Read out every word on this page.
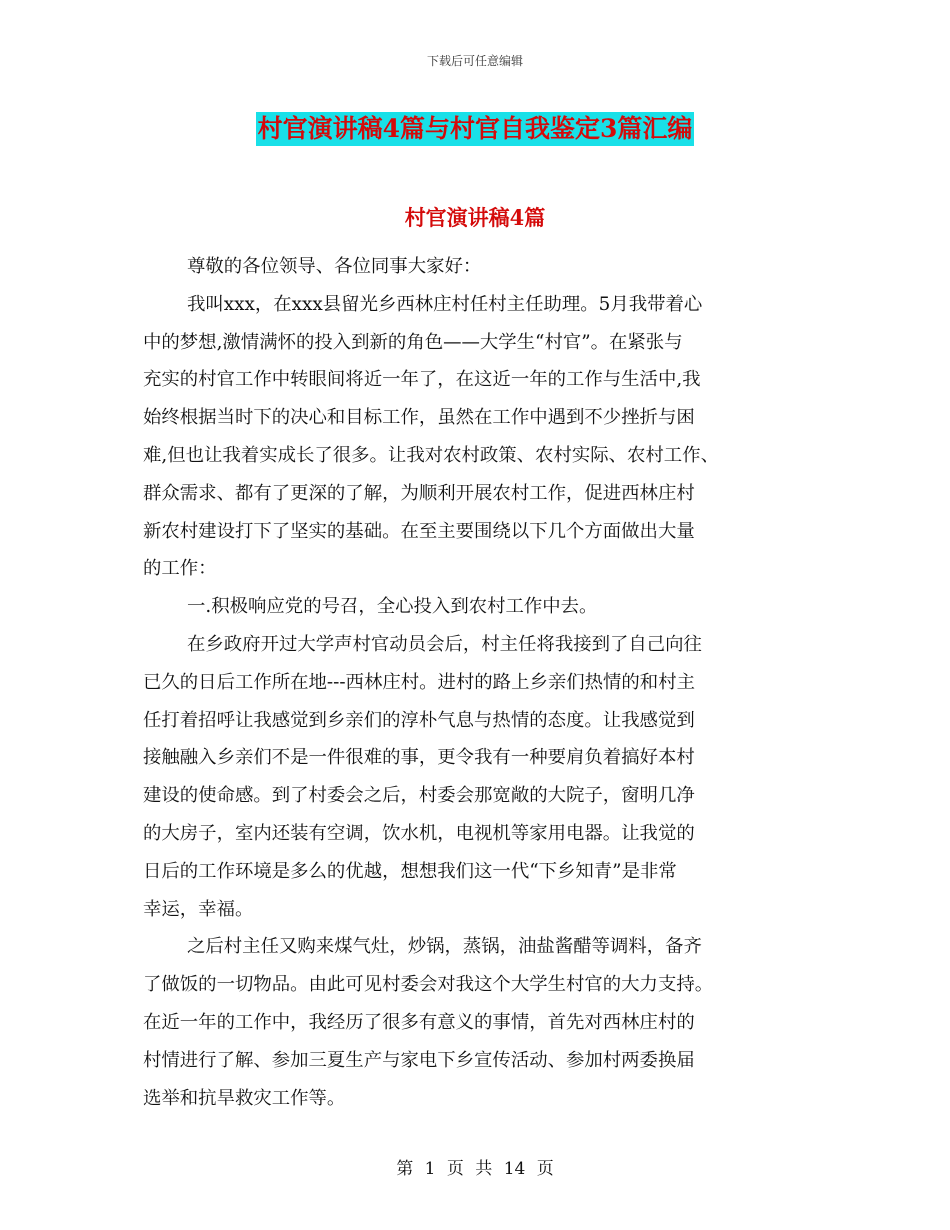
下载后可任意编辑
村官演讲稿4篇与村官自我鉴定3篇汇编
村官演讲稿4篇
尊敬的各位领导、各位同事大家好：
我叫xxx，在xxx县留光乡西林庄村任村主任助理。5月我带着心
中的梦想,激情满怀的投入到新的角色——大学生“村官”。在紧张与
充实的村官工作中转眼间将近一年了，在这近一年的工作与生活中,我
始终根据当时下的决心和目标工作，虽然在工作中遇到不少挫折与困
难,但也让我着实成长了很多。让我对农村政策、农村实际、农村工作、
群众需求、都有了更深的了解，为顺利开展农村工作，促进西林庄村
新农村建设打下了坚实的基础。在至主要围绕以下几个方面做出大量
的工作：
一.积极响应党的号召，全心投入到农村工作中去。
在乡政府开过大学声村官动员会后，村主任将我接到了自己向往
已久的日后工作所在地---西林庄村。进村的路上乡亲们热情的和村主
任打着招呼让我感觉到乡亲们的淳朴气息与热情的态度。让我感觉到
接触融入乡亲们不是一件很难的事，更令我有一种要肩负着搞好本村
建设的使命感。到了村委会之后，村委会那宽敞的大院子，窗明几净
的大房子，室内还装有空调，饮水机，电视机等家用电器。让我觉的
日后的工作环境是多么的优越，想想我们这一代“下乡知青”是非常
幸运，幸福。
之后村主任又购来煤气灶，炒锅，蒸锅，油盐酱醋等调料，备齐
了做饭的一切物品。由此可见村委会对我这个大学生村官的大力支持。
在近一年的工作中，我经历了很多有意义的事情，首先对西林庄村的
村情进行了解、参加三夏生产与家电下乡宣传活动、参加村两委换届
选举和抗旱救灾工作等。
第 1 页 共 14 页
